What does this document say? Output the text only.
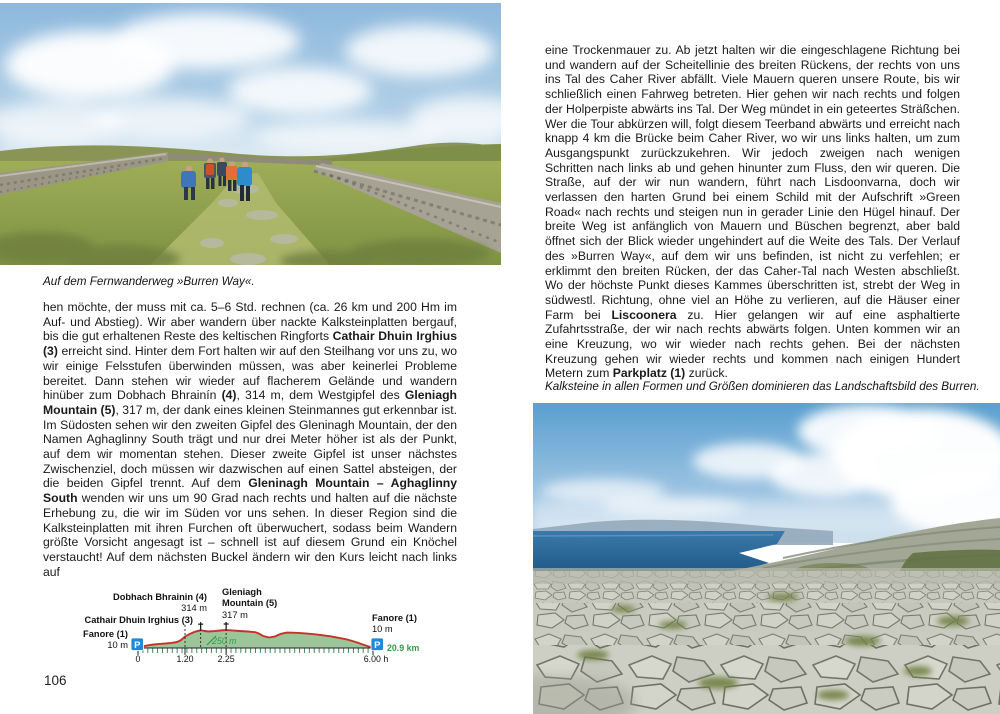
Auf dem Fernwanderweg »Burren Way«.
hen möchte, der muss mit ca. 5–6 Std. rechnen (ca. 26 km und 200 Hm im Auf- und Abstieg). Wir aber wandern über nackte Kalksteinplatten bergauf, bis die gut erhaltenen Reste des keltischen Ringforts Cathair Dhuin Irghius (3) erreicht sind. Hinter dem Fort halten wir auf den Steilhang vor uns zu, wo wir einige Felsstufen überwinden müssen, was aber keinerlei Probleme bereitet. Dann stehen wir wieder auf flacherem Gelände und wandern hinüber zum Dobhach Bhrainín (4), 314 m, dem Westgipfel des Gleniagh Mountain (5), 317 m, der dank eines kleinen Steinmannes gut erkennbar ist. Im Südosten sehen wir den zweiten Gipfel des Gleninagh Mountain, der den Namen Aghaglinny South trägt und nur drei Meter höher ist als der Punkt, auf dem wir momentan stehen. Dieser zweite Gipfel ist unser nächstes Zwischenziel, doch müssen wir dazwischen auf einen Sattel absteigen, der die beiden Gipfel trennt. Auf dem Gleninagh Mountain – Aghaglinny South wenden wir uns um 90 Grad nach rechts und halten auf die nächste Erhebung zu, die wir im Süden vor uns sehen. In dieser Region sind die Kalksteinplatten mit ihren Furchen oft überwuchert, sodass beim Wandern größte Vorsicht angesagt ist – schnell ist auf diesem Grund ein Knöchel verstaucht! Auf dem nächsten Buckel ändern wir den Kurs leicht nach links auf
0	1.20	2.25	6.00 h
250 m
Fanore (1)
10 m P
Cathair Dhuin Irghius (3)
Dobhach Bhrainin (4)
314 m
Gleniagh
Mountain (5)
317 m	Fanore (1)
10 m
P 20.9 km
106
eine Trockenmauer zu. Ab jetzt halten wir die eingeschlagene Richtung bei und wandern auf der Scheitellinie des breiten Rückens, der rechts von uns ins Tal des Caher River abfällt. Viele Mauern queren unsere Route, bis wir schließlich einen Fahrweg betreten. Hier gehen wir nach rechts und folgen der Holperpiste abwärts ins Tal. Der Weg mündet in ein geteertes Sträßchen. Wer die Tour abkürzen will, folgt diesem Teerband abwärts und erreicht nach knapp 4 km die Brücke beim Caher River, wo wir uns links halten, um zum Ausgangspunkt zurückzukehren. Wir jedoch zweigen nach wenigen Schritten nach links ab und gehen hinunter zum Fluss, den wir queren. Die Straße, auf der wir nun wandern, führt nach Lisdoonvarna, doch wir verlassen den harten Grund bei einem Schild mit der Aufschrift »Green Road« nach rechts und steigen nun in gerader Linie den Hügel hinauf. Der breite Weg ist anfänglich von Mauern und Büschen begrenzt, aber bald öffnet sich der Blick wieder ungehindert auf die Weite des Tals. Der Verlauf des »Burren Way«, auf dem wir uns befinden, ist nicht zu verfehlen; er erklimmt den breiten Rücken, der das Caher-Tal nach Westen abschließt. Wo der höchste Punkt dieses Kammes überschritten ist, strebt der Weg in südwestl. Richtung, ohne viel an Höhe zu verlieren, auf die Häuser einer Farm bei Liscoonera zu. Hier gelangen wir auf eine asphaltierte Zufahrtsstraße, der wir nach rechts abwärts folgen. Unten kommen wir an eine Kreuzung, wo wir wieder nach rechts gehen. Bei der nächsten Kreuzung gehen wir wieder rechts und kommen nach einigen Hundert Metern zum Parkplatz (1) zurück.
Kalksteine in allen Formen und Größen dominieren das Landschaftsbild des Burren.
